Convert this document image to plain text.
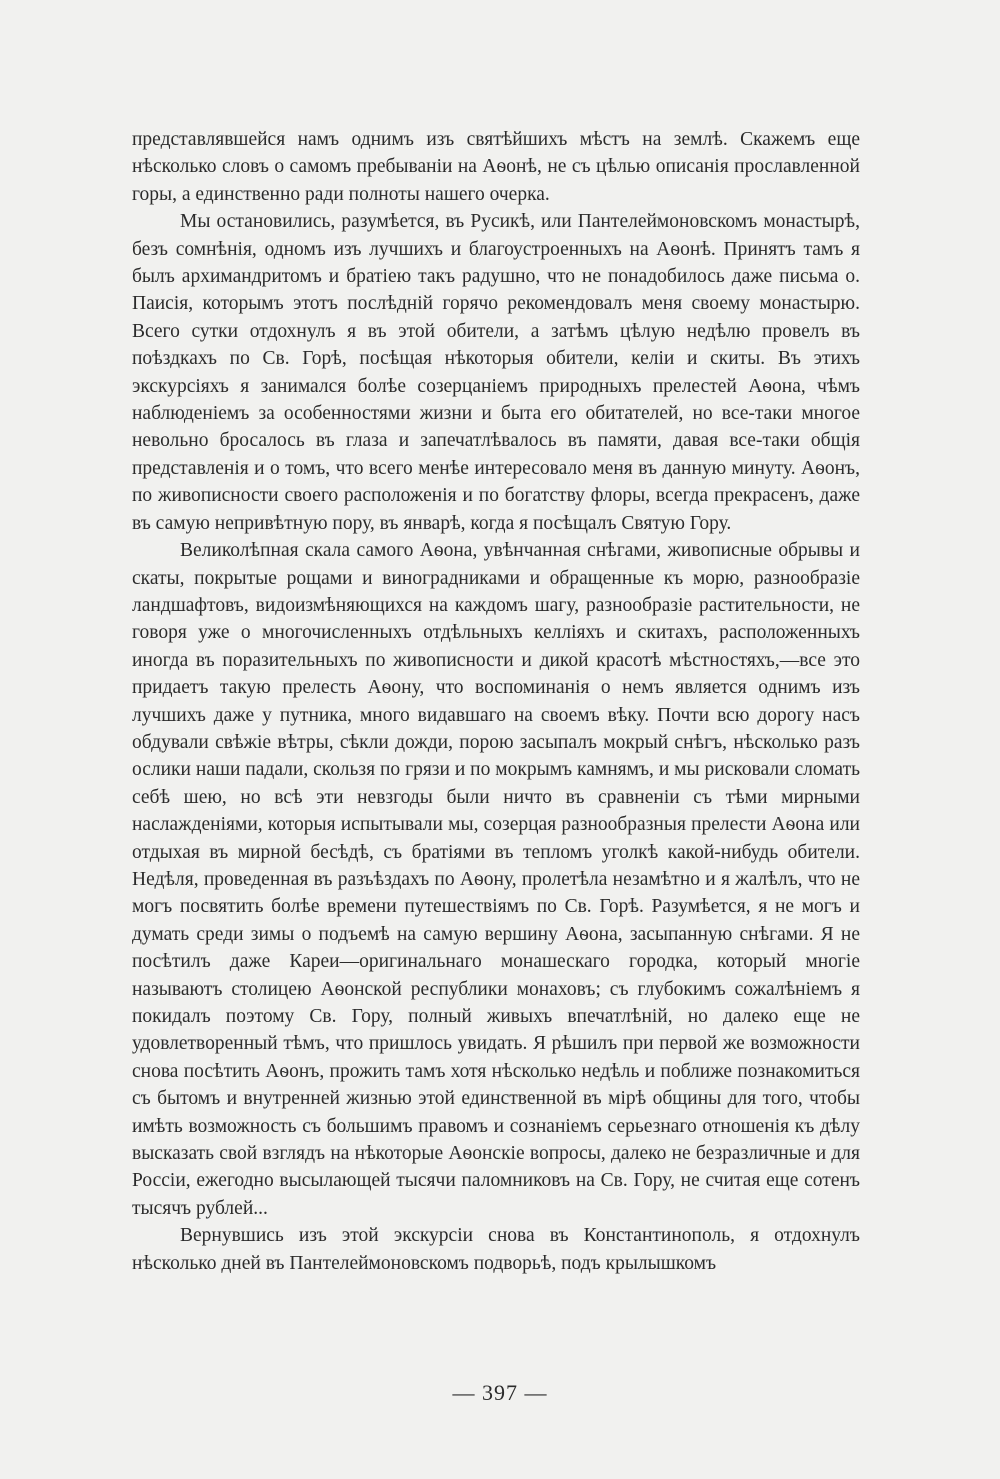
представлявшейся намъ однимъ изъ святѣйшихъ мѣстъ на землѣ. Скажемъ еще нѣсколько словъ о самомъ пребываніи на Аѳонѣ, не съ цѣлью описанія прославленной горы, а единственно ради полноты нашего очерка.

Мы остановились, разумѣется, въ Русикѣ, или Пантелеймоновскомъ монастырѣ, безъ сомнѣнія, одномъ изъ лучшихъ и благоустроенныхъ на Аѳонѣ. Принятъ тамъ я былъ архимандритомъ и братіею такъ радушно, что не понадобилось даже письма о. Паисія, которымъ этотъ послѣдній горячо рекомендовалъ меня своему монастырю. Всего сутки отдохнулъ я въ этой обители, а затѣмъ цѣлую недѣлю провелъ въ поѣздкахъ по Св. Горѣ, посѣщая нѣкоторыя обители, келіи и скиты. Въ этихъ экскурсіяхъ я занимался болѣе созерцаніемъ природныхъ прелестей Аѳона, чѣмъ наблюденіемъ за особенностями жизни и быта его обитателей, но все-таки многое невольно бросалось въ глаза и запечатлѣвалось въ памяти, давая все-таки общія представленія и о томъ, что всего менѣе интересовало меня въ данную минуту. Аѳонъ, по живописности своего расположенія и по богатству флоры, всегда прекрасенъ, даже въ самую непривѣтную пору, въ январѣ, когда я посѣщалъ Святую Гору.

Великолѣпная скала самого Аѳона, увѣнчанная снѣгами, живописные обрывы и скаты, покрытые рощами и виноградниками и обращенные къ морю, разнообразіе ландшафтовъ, видоизмѣняющихся на каждомъ шагу, разнообразіе растительности, не говоря уже о многочисленныхъ отдѣльныхъ келліяхъ и скитахъ, расположенныхъ иногда въ поразительныхъ по живописности и дикой красотѣ мѣстностяхъ,—все это придаетъ такую прелесть Аѳону, что воспоминанія о немъ является однимъ изъ лучшихъ даже у путника, много видавшаго на своемъ вѣку. Почти всю дорогу насъ обдували свѣжіе вѣтры, сѣкли дожди, порою засыпалъ мокрый снѣгъ, нѣсколько разъ ослики наши падали, скользя по грязи и по мокрымъ камнямъ, и мы рисковали сломать себѣ шею, но всѣ эти невзгоды были ничто въ сравненіи съ тѣми мирными наслажденіями, которыя испытывали мы, созерцая разнообразныя прелести Аѳона или отдыхая въ мирной бесѣдѣ, съ братіями въ тепломъ уголкѣ какой-нибудь обители. Недѣля, проведенная въ разъѣздахъ по Аѳону, пролетѣла незамѣтно и я жалѣлъ, что не могъ посвятить болѣе времени путешествіямъ по Св. Горѣ. Разумѣется, я не могъ и думать среди зимы о подъемѣ на самую вершину Аѳона, засыпанную снѣгами. Я не посѣтилъ даже Кареи—оригинальнаго монашескаго городка, который многіе называютъ столицею Аѳонской республики монаховъ; съ глубокимъ сожалѣніемъ я покидалъ поэтому Св. Гору, полный живыхъ впечатлѣній, но далеко еще не удовлетворенный тѣмъ, что пришлось увидать. Я рѣшилъ при первой же возможности снова посѣтить Аѳонъ, прожить тамъ хотя нѣсколько недѣль и поближе познакомиться съ бытомъ и внутренней жизнью этой единственной въ мірѣ общины для того, чтобы имѣть возможность съ большимъ правомъ и сознаніемъ серьезнаго отношенія къ дѣлу высказать свой взглядъ на нѣкоторые Аѳонскіе вопросы, далеко не безразличные и для Россіи, ежегодно высылающей тысячи паломниковъ на Св. Гору, не считая еще сотенъ тысячъ рублей...

Вернувшись изъ этой экскурсіи снова въ Константинополь, я отдохнулъ нѣсколько дней въ Пантелеймоновскомъ подворьѣ, подъ крылышкомъ

— 397 —
